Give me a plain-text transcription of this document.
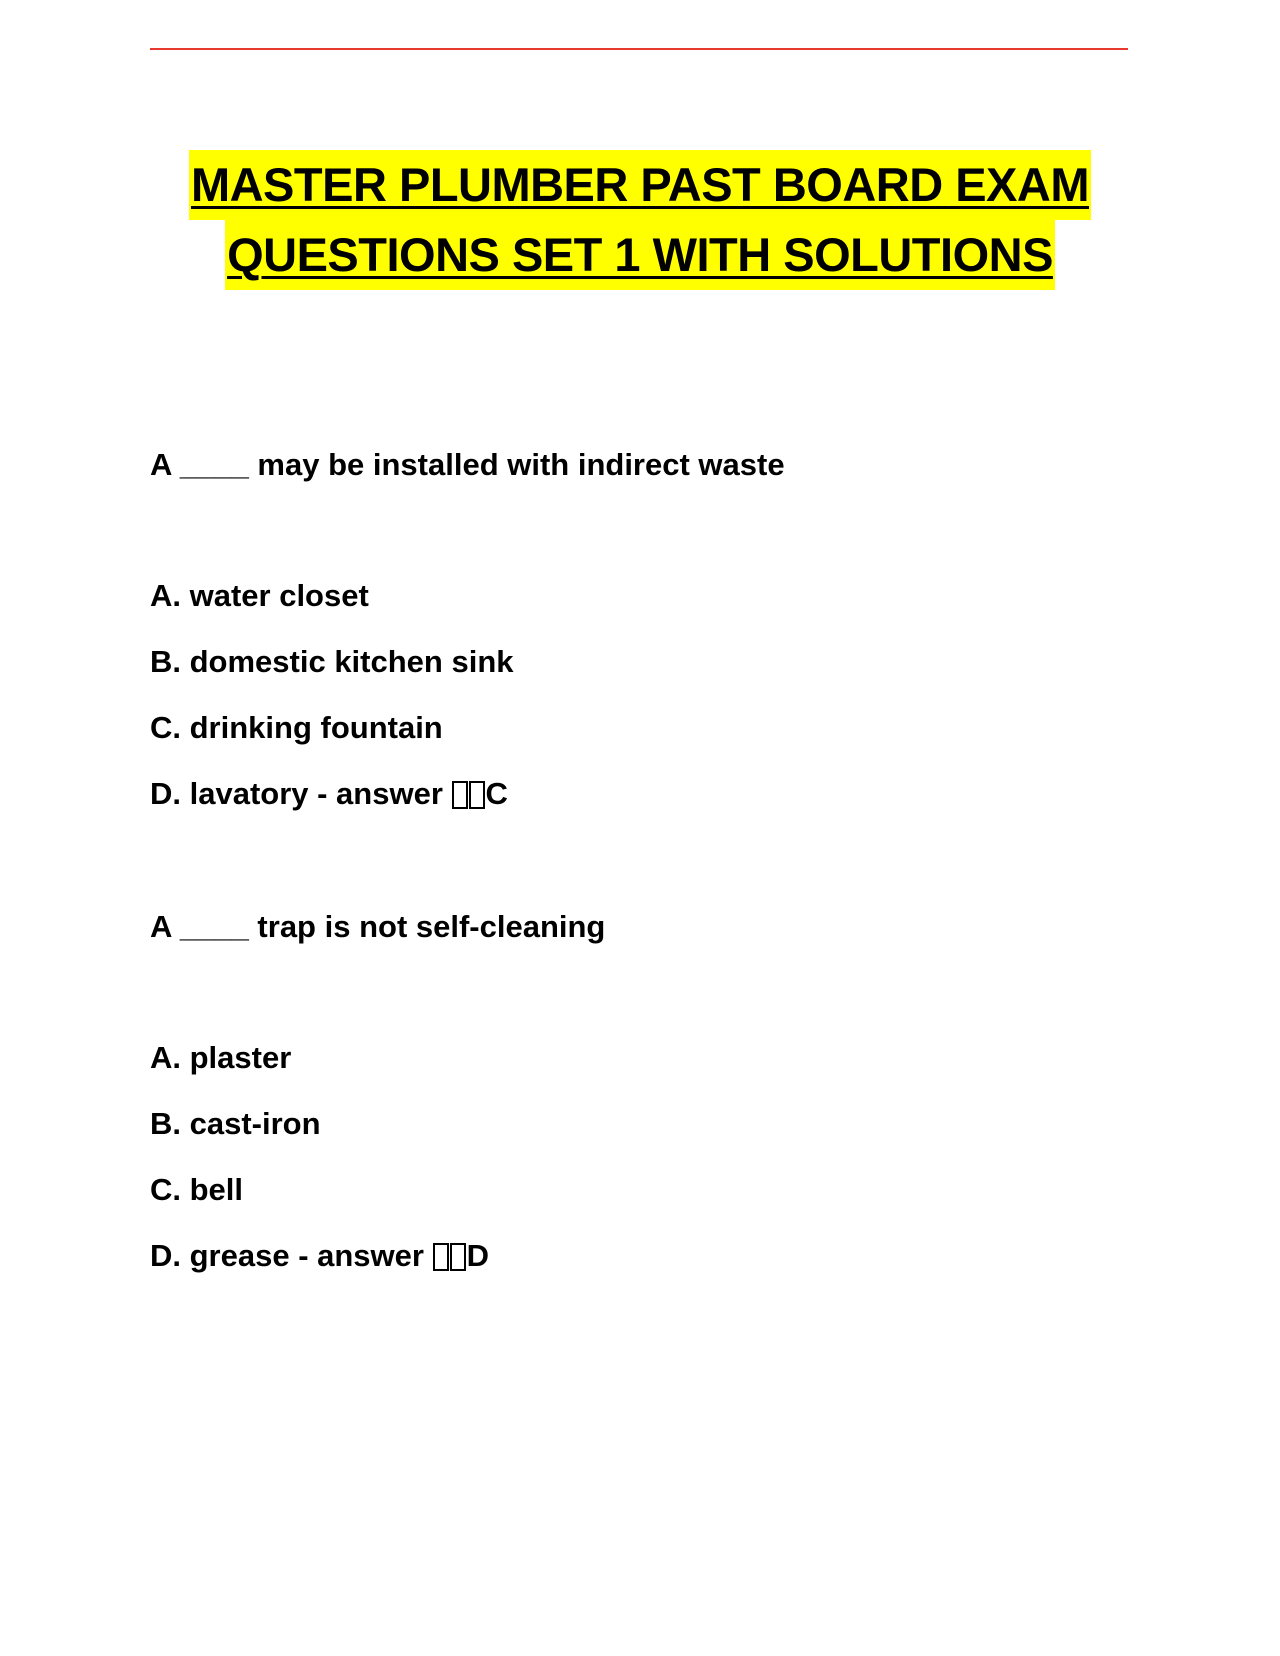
MASTER PLUMBER PAST BOARD EXAM
QUESTIONS SET 1 WITH SOLUTIONS
A ____ may be installed with indirect waste
A. water closet
B. domestic kitchen sink
C. drinking fountain
D. lavatory - answer C
A ____ trap is not self-cleaning
A. plaster
B. cast-iron
C. bell
D. grease - answer D
